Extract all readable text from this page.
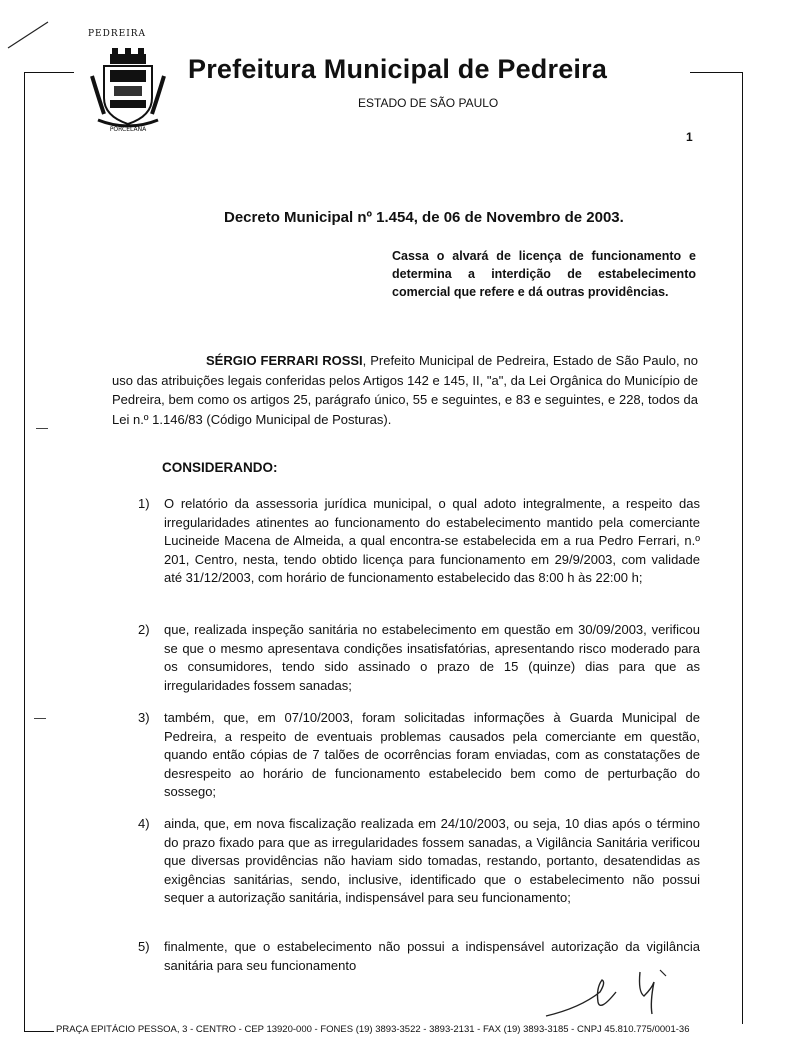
PEDREIRA
PORCELANA
Prefeitura Municipal de Pedreira
ESTADO DE SÃO PAULO
1
Decreto Municipal nº 1.454, de 06 de Novembro de 2003.
Cassa o alvará de licença de funcionamento e determina a interdição de estabelecimento comercial que refere e dá outras providências.
SÉRGIO FERRARI ROSSI, Prefeito Municipal de Pedreira, Estado de São Paulo, no uso das atribuições legais conferidas pelos Artigos 142 e 145, II, "a", da Lei Orgânica do Município de Pedreira, bem como os artigos 25, parágrafo único, 55 e seguintes, e 83 e seguintes, e 228, todos da Lei n.º 1.146/83 (Código Municipal de Posturas).
CONSIDERANDO:
1)	O relatório da assessoria jurídica municipal, o qual adoto integralmente, a respeito das irregularidades atinentes ao funcionamento do estabelecimento mantido pela comerciante Lucineide Macena de Almeida, a qual encontra-se estabelecida em a rua Pedro Ferrari, n.º 201, Centro, nesta, tendo obtido licença para funcionamento em 29/9/2003, com validade até 31/12/2003, com horário de funcionamento estabelecido das 8:00 h às 22:00 h;
2)	que, realizada inspeção sanitária no estabelecimento em questão em 30/09/2003, verificou se que o mesmo apresentava condições insatisfatórias, apresentando risco moderado para os consumidores, tendo sido assinado o prazo de 15 (quinze) dias para que as irregularidades fossem sanadas;
3)	também, que, em 07/10/2003, foram solicitadas informações à Guarda Municipal de Pedreira, a respeito de eventuais problemas causados pela comerciante em questão, quando então cópias de 7 talões de ocorrências foram enviadas, com as constatações de desrespeito ao horário de funcionamento estabelecido bem como de perturbação do sossego;
4)	ainda, que, em nova fiscalização realizada em 24/10/2003, ou seja, 10 dias após o término do prazo fixado para que as irregularidades fossem sanadas, a Vigilância Sanitária verificou que diversas providências não haviam sido tomadas, restando, portanto, desatendidas as exigências sanitárias, sendo, inclusive, identificado que o estabelecimento não possui sequer a autorização sanitária, indispensável para seu funcionamento;
5)	finalmente, que o estabelecimento não possui a indispensável autorização da vigilância sanitária para seu funcionamento
PRAÇA EPITÁCIO PESSOA, 3 - CENTRO - CEP 13920-000 - FONES (19) 3893-3522 - 3893-2131 - FAX (19) 3893-3185 - CNPJ 45.810.775/0001-36
